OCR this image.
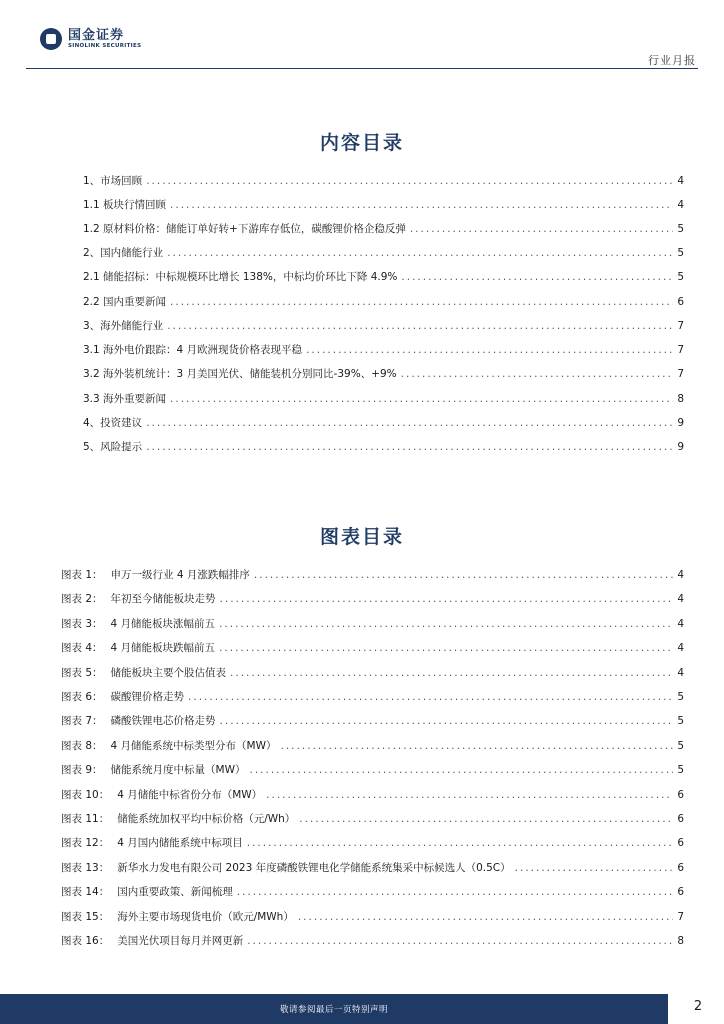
国金证券
SINOLINK SECURITIES
行业月报
内容目录
1、市场回顾 .....	4
1.1 板块行情回顾 .....	4
1.2 原材料价格：储能订单好转+下游库存低位，碳酸锂价格企稳反弹 .....	5
2、国内储能行业 .....	5
2.1 储能招标：中标规模环比增长 138%，中标均价环比下降 4.9% .....	5
2.2 国内重要新闻 .....	6
3、海外储能行业 .....	7
3.1 海外电价跟踪：4 月欧洲现货价格表现平稳 .....	7
3.2 海外装机统计：3 月美国光伏、储能装机分别同比-39%、+9% .....	7
3.3 海外重要新闻 .....	8
4、投资建议 .....	9
5、风险提示 .....	9
图表目录
图表 1： 申万一级行业 4 月涨跌幅排序 .....	4
图表 2： 年初至今储能板块走势 .....	4
图表 3： 4 月储能板块涨幅前五 .....	4
图表 4： 4 月储能板块跌幅前五 .....	4
图表 5： 储能板块主要个股估值表 .....	4
图表 6： 碳酸锂价格走势 .....	5
图表 7： 磷酸铁锂电芯价格走势 .....	5
图表 8： 4 月储能系统中标类型分布（MW） .....	5
图表 9： 储能系统月度中标量（MW） .....	5
图表 10： 4 月储能中标省份分布（MW） .....	6
图表 11： 储能系统加权平均中标价格（元/Wh） .....	6
图表 12： 4 月国内储能系统中标项目 .....	6
图表 13： 新华水力发电有限公司 2023 年度磷酸铁锂电化学储能系统集采中标候选人（0.5C） .....	6
图表 14： 国内重要政策、新闻梳理 .....	6
图表 15： 海外主要市场现货电价（欧元/MWh） .....	7
图表 16： 美国光伏项目每月并网更新 .....	8
敬请参阅最后一页特别声明	2
